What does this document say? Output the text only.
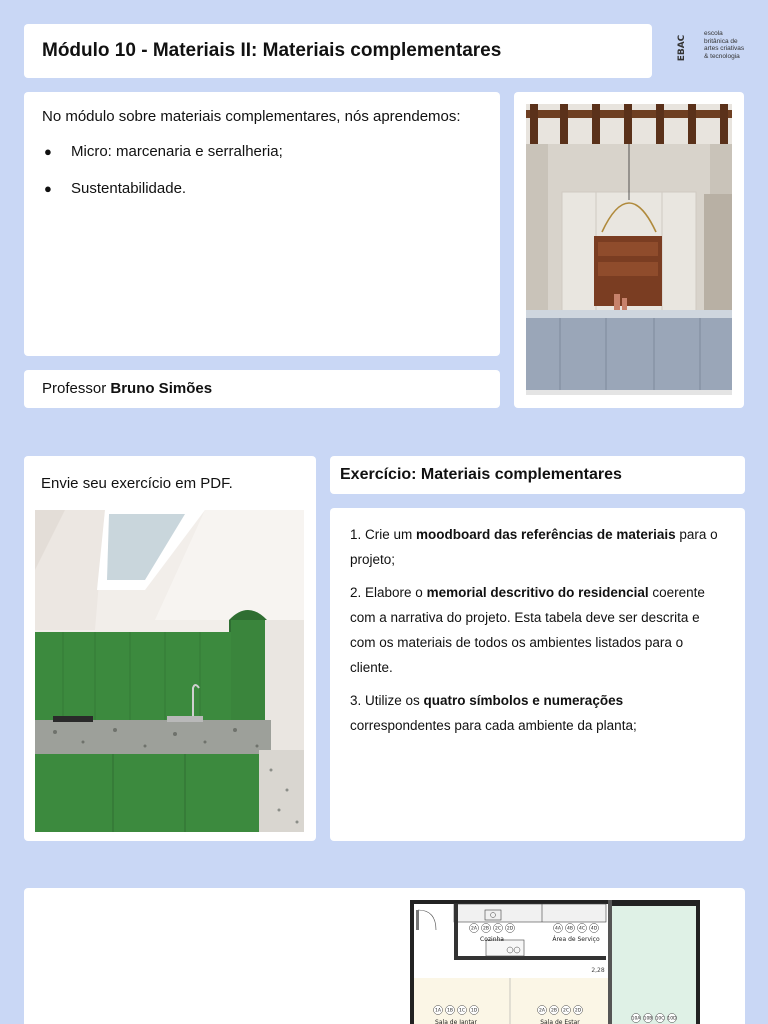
Módulo 10 - Materiais II: Materiais complementares	EBAC
escola
britânica de
artes criativas
& tecnologia

No módulo sobre materiais complementares, nós aprendemos:

● Micro: marcenaria e serralheria;
● Sustentabilidade.
Professor Bruno Simões

Envie seu exercício em PDF.

Exercício: Materiais complementares

1. Crie um moodboard das referências de materiais para o projeto;

2. Elabore o memorial descritivo do residencial coerente com a narrativa do projeto. Esta tabela deve ser descrita e com os materiais de todos os ambientes listados para o cliente.

3. Utilize os quatro símbolos e numerações correspondentes para cada ambiente da planta;

2A 2B 2C 2D	4A 4B 4C 4D
Cozinha	Área de Serviço
2,28
1A 1B 1C 1D	2A 2B 2C 2D
10A 10B 10C 10D
Sala de Jantar	Sala de Estar
